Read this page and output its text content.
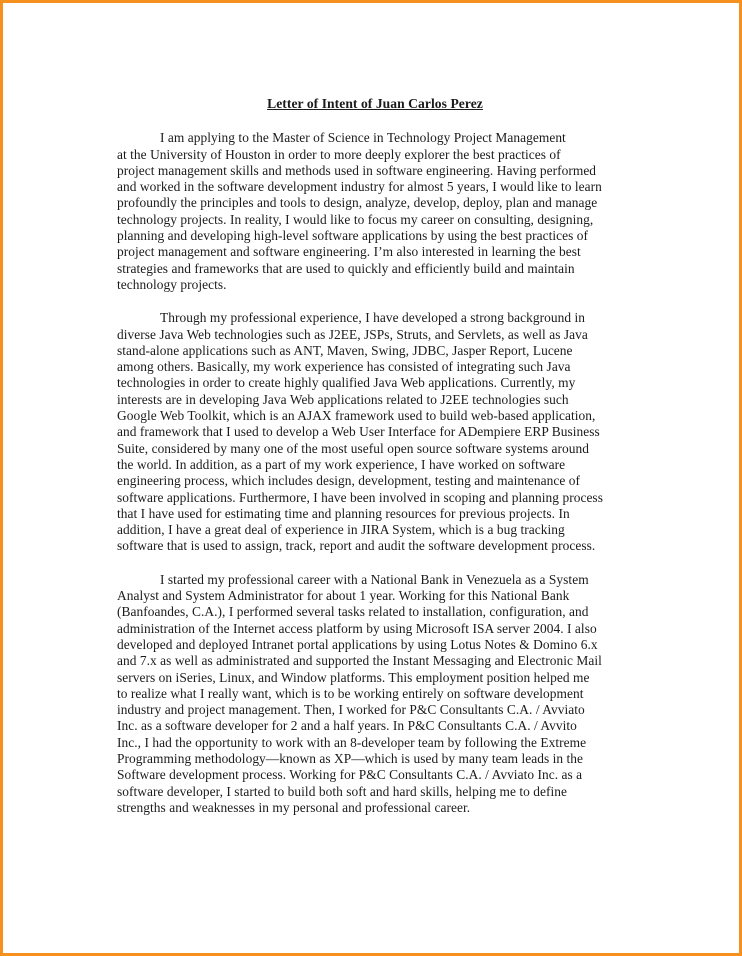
Letter of Intent of Juan Carlos Perez
I am applying to the Master of Science in Technology Project Management
at the University of Houston in order to more deeply explorer the best practices of
project management skills and methods used in software engineering. Having performed
and worked in the software development industry for almost 5 years, I would like to learn
profoundly the principles and tools to design, analyze, develop, deploy, plan and manage
technology projects. In reality, I would like to focus my career on consulting, designing,
planning and developing high-level software applications by using the best practices of
project management and software engineering. I’m also interested in learning the best
strategies and frameworks that are used to quickly and efficiently build and maintain
technology projects.
Through my professional experience, I have developed a strong background in
diverse Java Web technologies such as J2EE, JSPs, Struts, and Servlets, as well as Java
stand-alone applications such as ANT, Maven, Swing, JDBC, Jasper Report, Lucene
among others. Basically, my work experience has consisted of integrating such Java
technologies in order to create highly qualified Java Web applications. Currently, my
interests are in developing Java Web applications related to J2EE technologies such
Google Web Toolkit, which is an AJAX framework used to build web-based application,
and framework that I used to develop a Web User Interface for ADempiere ERP Business
Suite, considered by many one of the most useful open source software systems around
the world. In addition, as a part of my work experience, I have worked on software
engineering process, which includes design, development, testing and maintenance of
software applications. Furthermore, I have been involved in scoping and planning process
that I have used for estimating time and planning resources for previous projects. In
addition, I have a great deal of experience in JIRA System, which is a bug tracking
software that is used to assign, track, report and audit the software development process.
I started my professional career with a National Bank in Venezuela as a System
Analyst and System Administrator for about 1 year. Working for this National Bank
(Banfoandes, C.A.), I performed several tasks related to installation, configuration, and
administration of the Internet access platform by using Microsoft ISA server 2004. I also
developed and deployed Intranet portal applications by using Lotus Notes & Domino 6.x
and 7.x as well as administrated and supported the Instant Messaging and Electronic Mail
servers on iSeries, Linux, and Window platforms. This employment position helped me
to realize what I really want, which is to be working entirely on software development
industry and project management. Then, I worked for P&C Consultants C.A. / Avviato
Inc. as a software developer for 2 and a half years. In P&C Consultants C.A. / Avvito
Inc., I had the opportunity to work with an 8-developer team by following the Extreme
Programming methodology—known as XP—which is used by many team leads in the
Software development process. Working for P&C Consultants C.A. / Avviato Inc. as a
software developer, I started to build both soft and hard skills, helping me to define
strengths and weaknesses in my personal and professional career.
